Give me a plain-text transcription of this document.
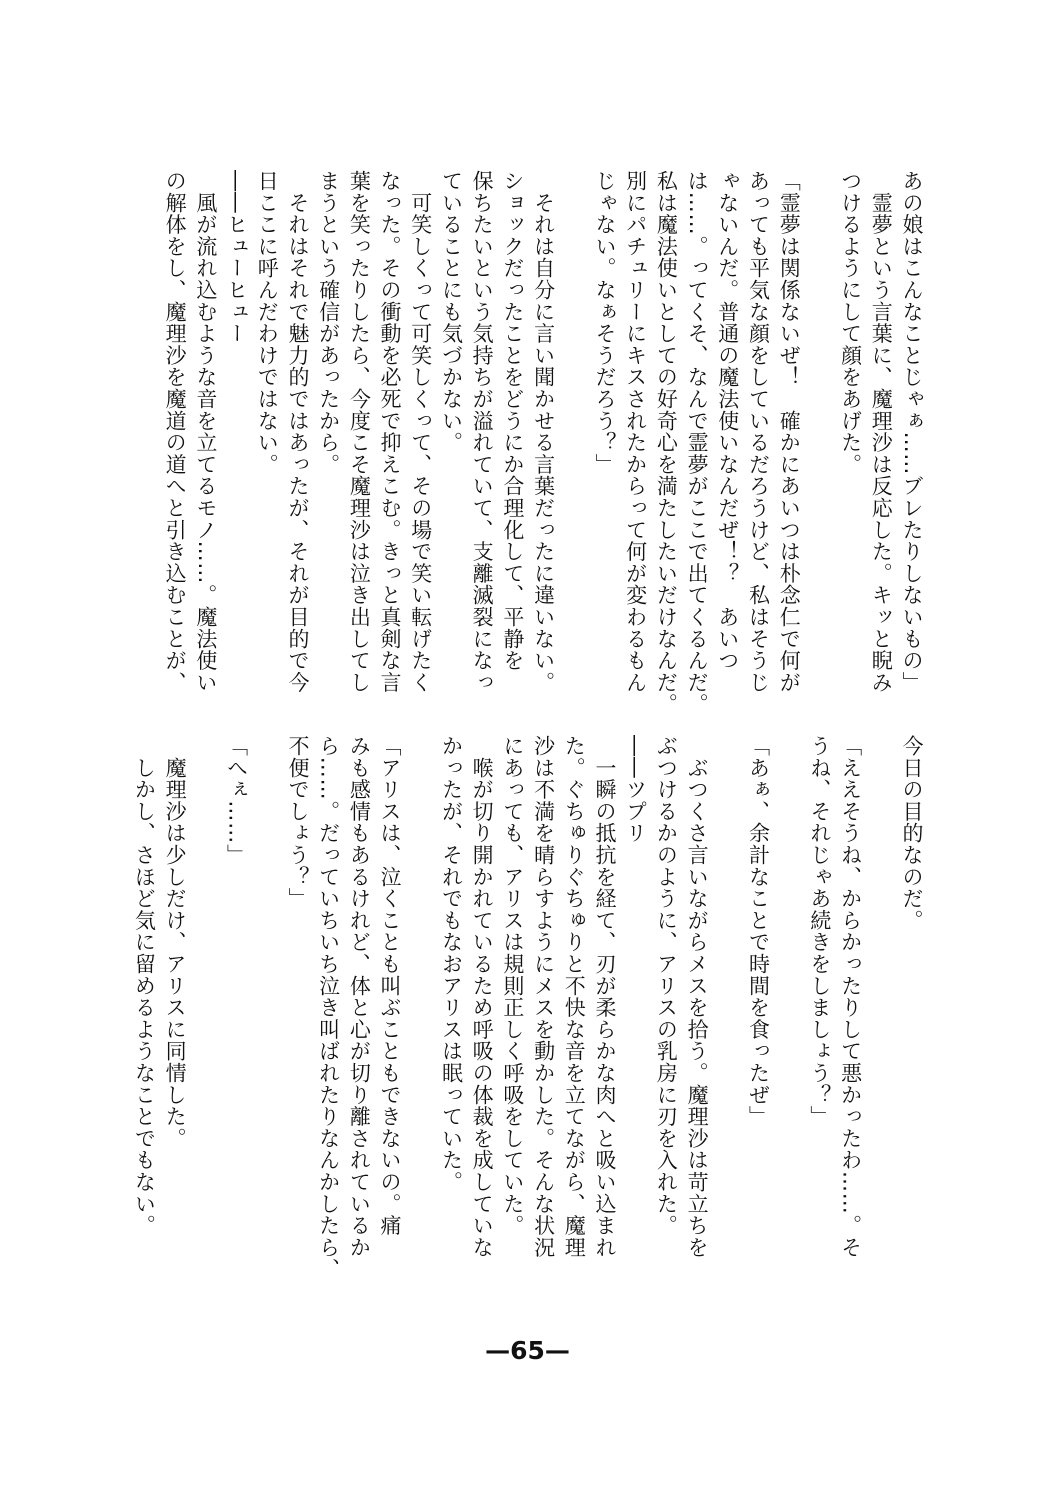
あの娘はこんなことじゃぁ……ブレたりしないもの」
　霊夢という言葉に、魔理沙は反応した。キッと睨み
つけるようにして顔をあげた。

「霊夢は関係ないぜ！　確かにあいつは朴念仁で何が
あっても平気な顔をしているだろうけど、私はそうじ
ゃないんだ。普通の魔法使いなんだぜ！？　あいつ
は……。ってくそ、なんで霊夢がここで出てくるんだ。
私は魔法使いとしての好奇心を満たしたいだけなんだ。
別にパチュリーにキスされたからって何が変わるもん
じゃない。なぁそうだろう？」

　それは自分に言い聞かせる言葉だったに違いない。
ショックだったことをどうにか合理化して、平静を
保ちたいという気持ちが溢れていて、支離滅裂になっ
ていることにも気づかない。
　可笑しくって可笑しくって、その場で笑い転げたく
なった。その衝動を必死で抑えこむ。きっと真剣な言
葉を笑ったりしたら、今度こそ魔理沙は泣き出してし
まうという確信があったから。
　それはそれで魅力的ではあったが、それが目的で今
日ここに呼んだわけではない。
――ヒューヒュー
　風が流れ込むような音を立てるモノ……。魔法使い
の解体をし、魔理沙を魔道の道へと引き込むことが、
今日の目的なのだ。

「ええそうね、からかったりして悪かったわ……。そ
うね、それじゃあ続きをしましょう？」

「あぁ、余計なことで時間を食ったぜ」

　ぶつくさ言いながらメスを拾う。魔理沙は苛立ちを
ぶつけるかのように、アリスの乳房に刃を入れた。
――ツプリ
　一瞬の抵抗を経て、刃が柔らかな肉へと吸い込まれ
た。ぐちゅりぐちゅりと不快な音を立てながら、魔理
沙は不満を晴らすようにメスを動かした。そんな状況
にあっても、アリスは規則正しく呼吸をしていた。
　喉が切り開かれているため呼吸の体裁を成していな
かったが、それでもなおアリスは眠っていた。

「アリスは、泣くことも叫ぶこともできないの。痛
みも感情もあるけれど、体と心が切り離されているか
ら……。だっていちいち泣き叫ばれたりなんかしたら、
不便でしょう？」

「へぇ……」

　魔理沙は少しだけ、アリスに同情した。
　しかし、さほど気に留めるようなことでもない。
—65—
